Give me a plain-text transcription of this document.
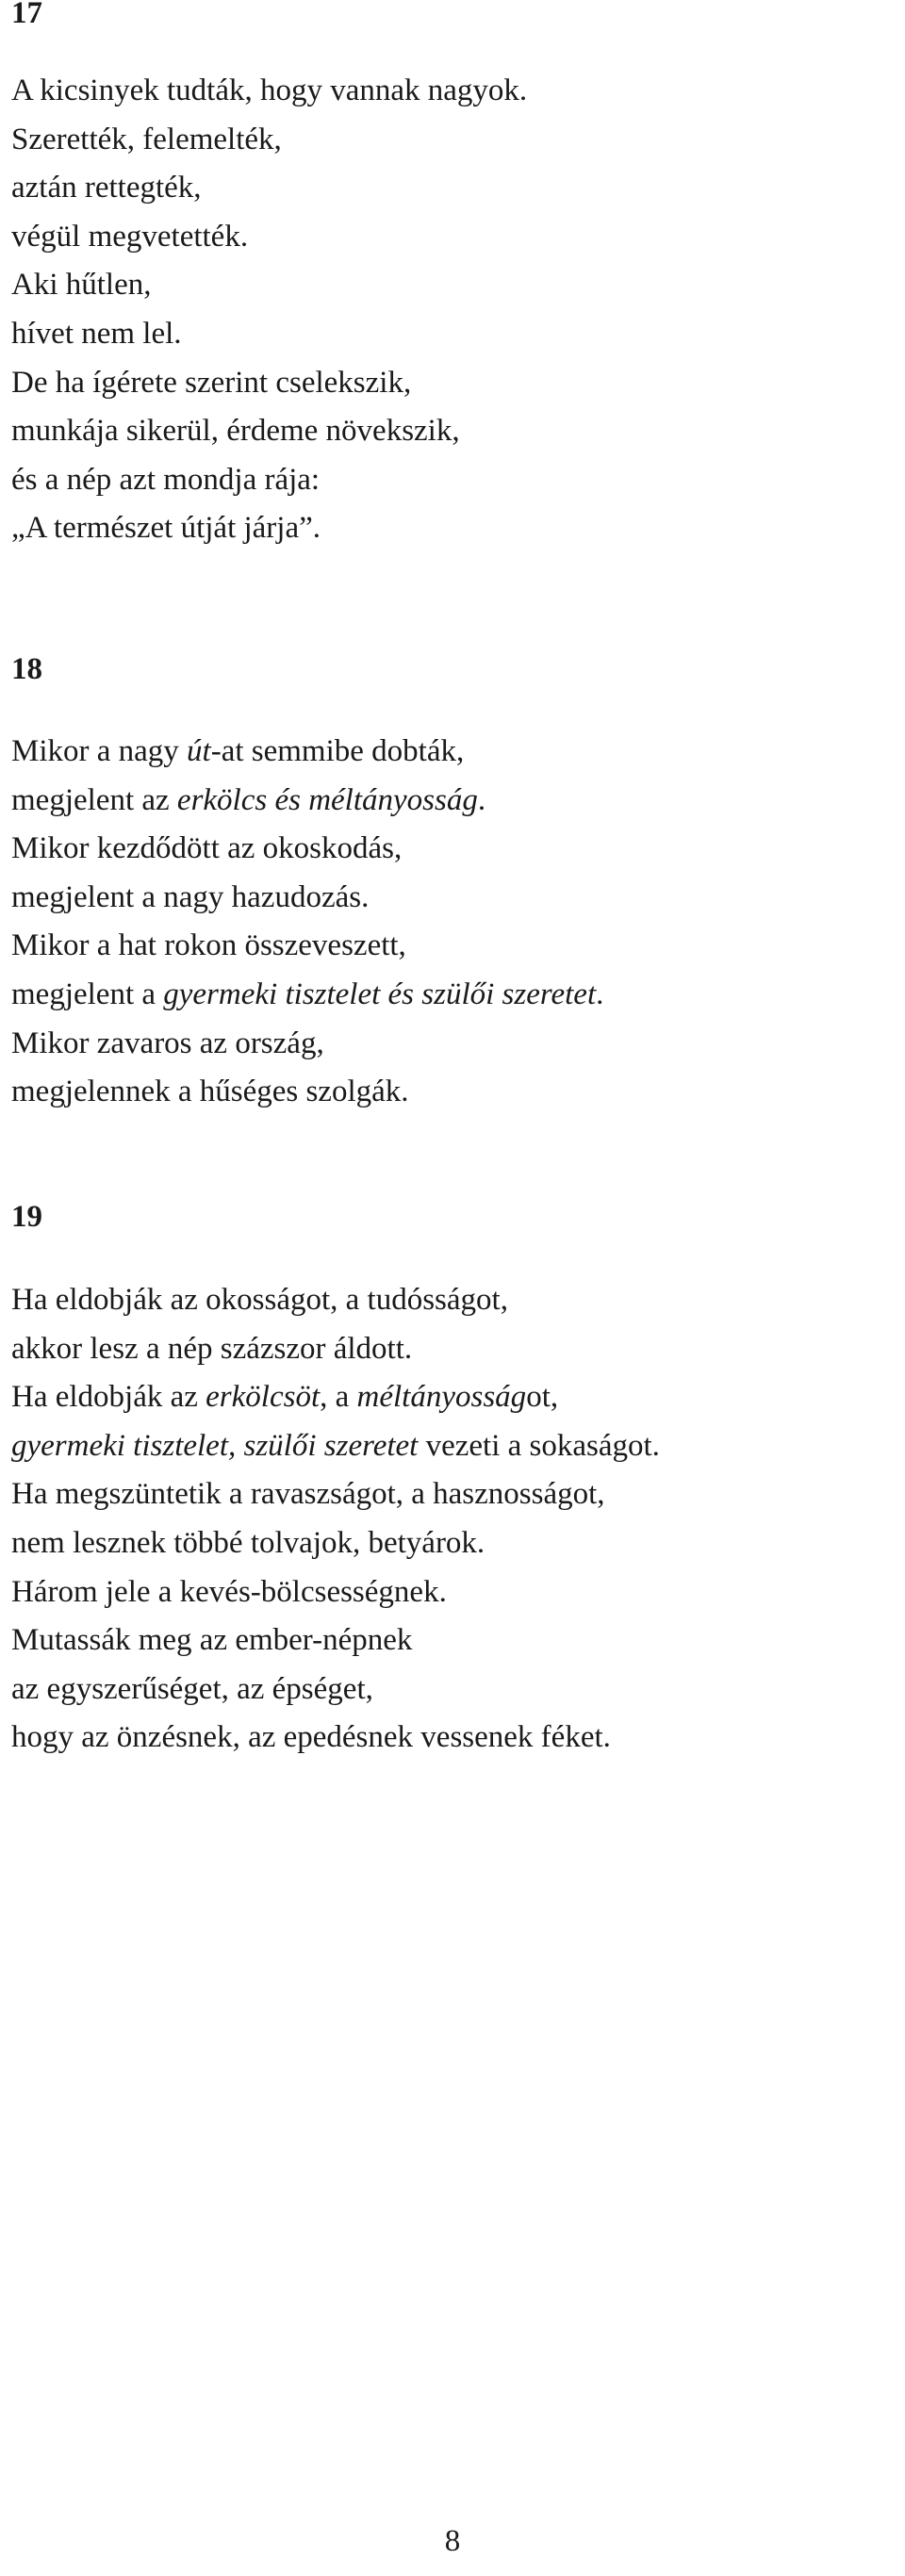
17
A kicsinyek tudták, hogy vannak nagyok.
Szerették, felemelték,
aztán rettegték,
végül megvetették.
Aki hűtlen,
hívet nem lel.
De ha ígérete szerint cselekszik,
munkája sikerül, érdeme növekszik,
és a nép azt mondja rája:
„A természet útját járja”.
18
Mikor a nagy út-at semmibe dobták,
megjelent az erkölcs és méltányosság.
Mikor kezdődött az okoskodás,
megjelent a nagy hazudozás.
Mikor a hat rokon összeveszett,
megjelent a gyermeki tisztelet és szülői szeretet.
Mikor zavaros az ország,
megjelennek a hűséges szolgák.
19
Ha eldobják az okosságot, a tudósságot,
akkor lesz a nép százszor áldott.
Ha eldobják az erkölcsöt, a méltányosságot,
gyermeki tisztelet, szülői szeretet vezeti a sokaságot.
Ha megszüntetik a ravaszságot, a hasznosságot,
nem lesznek többé tolvajok, betyárok.
Három jele a kevés-bölcsességnek.
Mutassák meg az ember-népnek
az egyszerűséget, az épséget,
hogy az önzésnek, az epedésnek vessenek féket.

8
